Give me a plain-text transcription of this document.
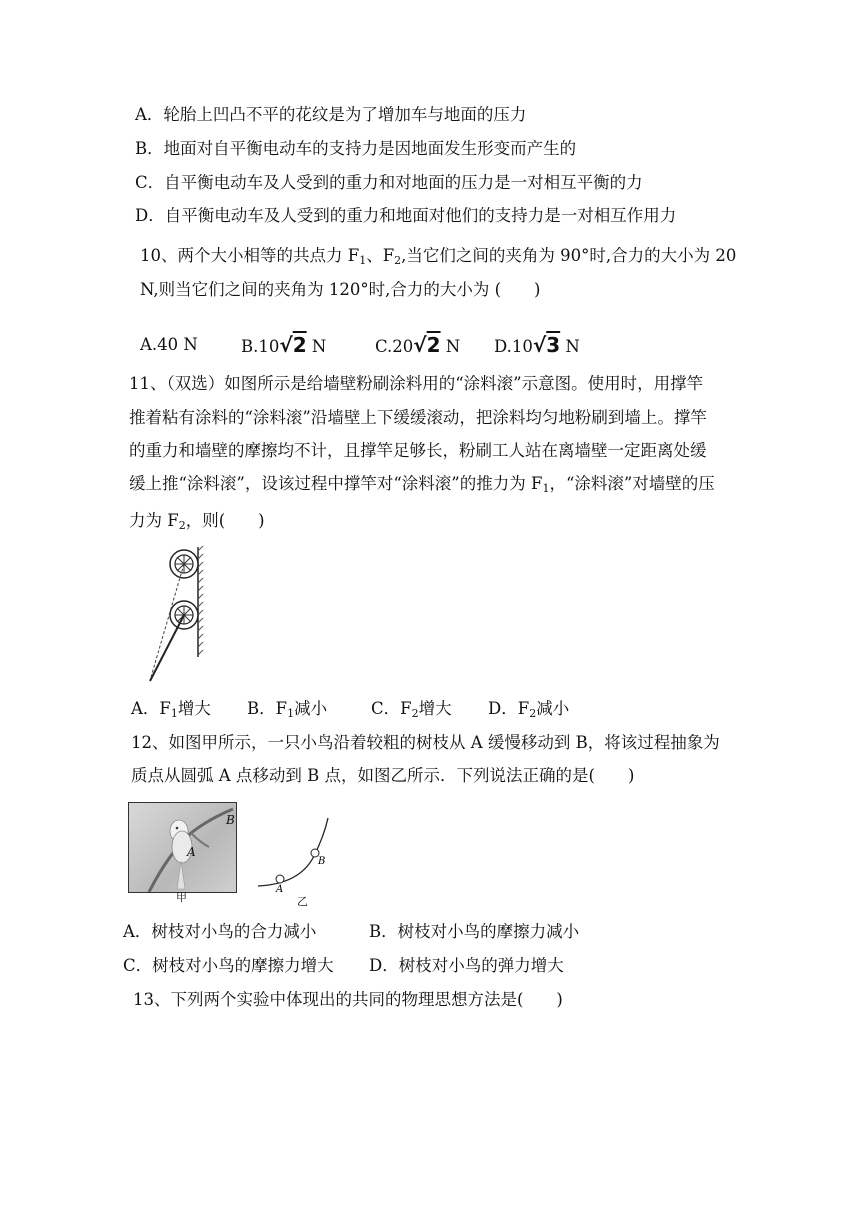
A．轮胎上凹凸不平的花纹是为了增加车与地面的压力
B．地面对自平衡电动车的支持力是因地面发生形变而产生的
C．自平衡电动车及人受到的重力和对地面的压力是一对相互平衡的力
D．自平衡电动车及人受到的重力和地面对他们的支持力是一对相互作用力
10、两个大小相等的共点力 $F_1$、$F_2$,当它们之间的夹角为 90°时,合力的大小为 20
N,则当它们之间的夹角为 120°时,合力的大小为 (　　)
A.40 N	B.10√2 N	C.20√2 N D.10√3 N
11、（双选）如图所示是给墙壁粉刷涂料用的“涂料滚”示意图。使用时，用撑竿
推着粘有涂料的“涂料滚”沿墙壁上下缓缓滚动，把涂料均匀地粉刷到墙上。撑竿
的重力和墙壁的摩擦均不计，且撑竿足够长，粉刷工人站在离墙壁一定距离处缓
缓上推“涂料滚”，设该过程中撑竿对“涂料滚”的推力为 $F_1$，“涂料滚”对墙壁的压
力为 $F_2$，则(　　)
A．$F_1$增大 B．$F_1$减小	C．$F_2$增大 D．$F_2$减小
12、如图甲所示，一只小鸟沿着较粗的树枝从 A 缓慢移动到 B，将该过程抽象为
质点从圆弧 A 点移动到 B 点，如图乙所示．下列说法正确的是(　　)
A
B
甲
A
B
乙
A．树枝对小鸟的合力减小	B．树枝对小鸟的摩擦力减小
C．树枝对小鸟的摩擦力增大 D．树枝对小鸟的弹力增大
13、下列两个实验中体现出的共同的物理思想方法是(　　)
